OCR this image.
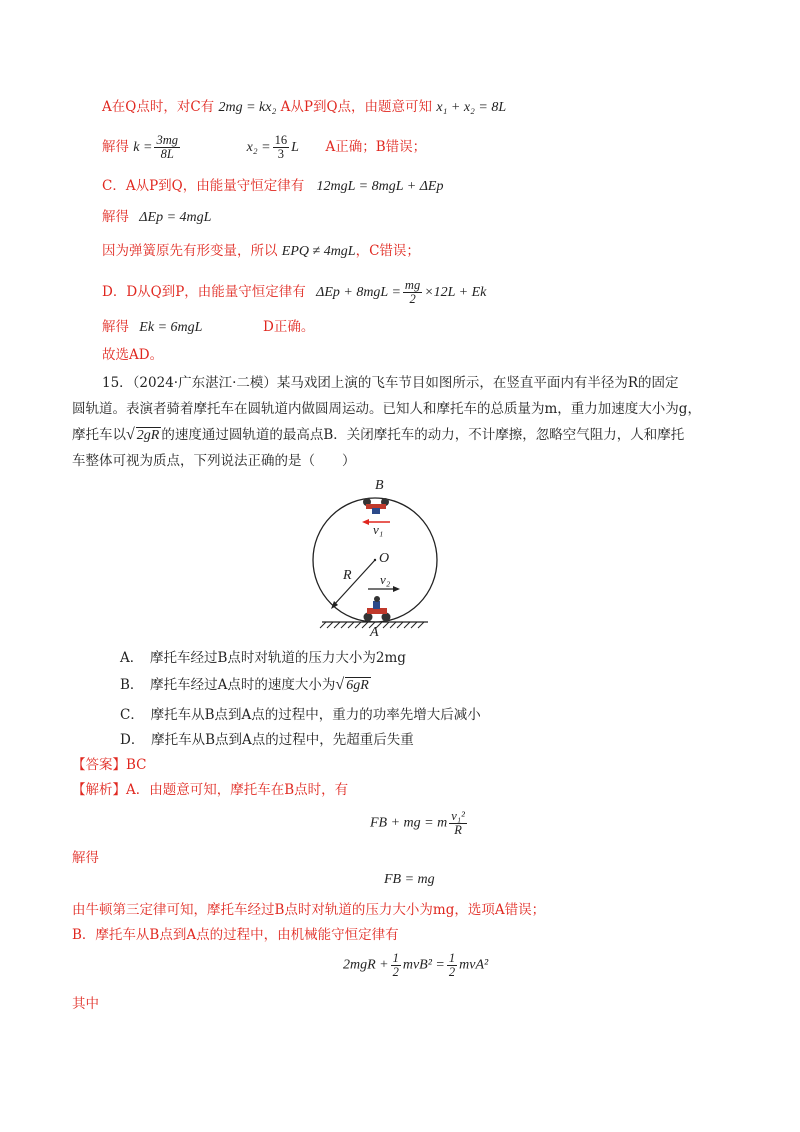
A在Q点时，对C有 2mg = kx₂ A从P到Q点，由题意可知 x₁ + x₂ = 8L
解得 $k = \frac{3mg}{8L}$	$x_2 = \frac{16}{3}$ L A正确；B错误；
C．A从P到Q，由能量守恒定律有 12mgL = 8mgL + ΔEp
解得 ΔEp = 4mgL
因为弹簧原先有形变量，所以 EPQ ≠ 4mgL，C错误；
D．D从Q到P，由能量守恒定律有 $\Delta Ep + 8mgL = \frac{mg}{2} \times 12L + Ek$
解得 Ek = 6mgL	D正确。
故选AD。
15．（2024·广东湛江·二模）某马戏团上演的飞车节目如图所示，在竖直平面内有半径为R的固定
圆轨道。表演者骑着摩托车在圆轨道内做圆周运动。已知人和摩托车的总质量为m，重力加速度大小为g，
摩托车以√ 2gR 的速度通过圆轨道的最高点B．关闭摩托车的动力，不计摩擦，忽略空气阻力，人和摩托
车整体可视为质点，下列说法正确的是（　　）
B
v₁
O
R v₂
A
A．　摩托车经过B点时对轨道的压力大小为2mg
B．　摩托车经过A点时的速度大小为√ 6gR
C．　摩托车从B点到A点的过程中，重力的功率先增大后减小
D．　摩托车从B点到A点的过程中，先超重后失重
【答案】BC
【解析】A．由题意可知，摩托车在B点时，有
FB + mg = m $\frac{\text{v₁²}}{R}$
解得
FB = mg
由牛顿第三定律可知，摩托车经过B点时对轨道的压力大小为mg，选项A错误；
B．摩托车从B点到A点的过程中，由机械能守恒定律有
$2mgR + \frac{1}{2} mvB^2 = \frac{1}{2} mvA^2$
其中
